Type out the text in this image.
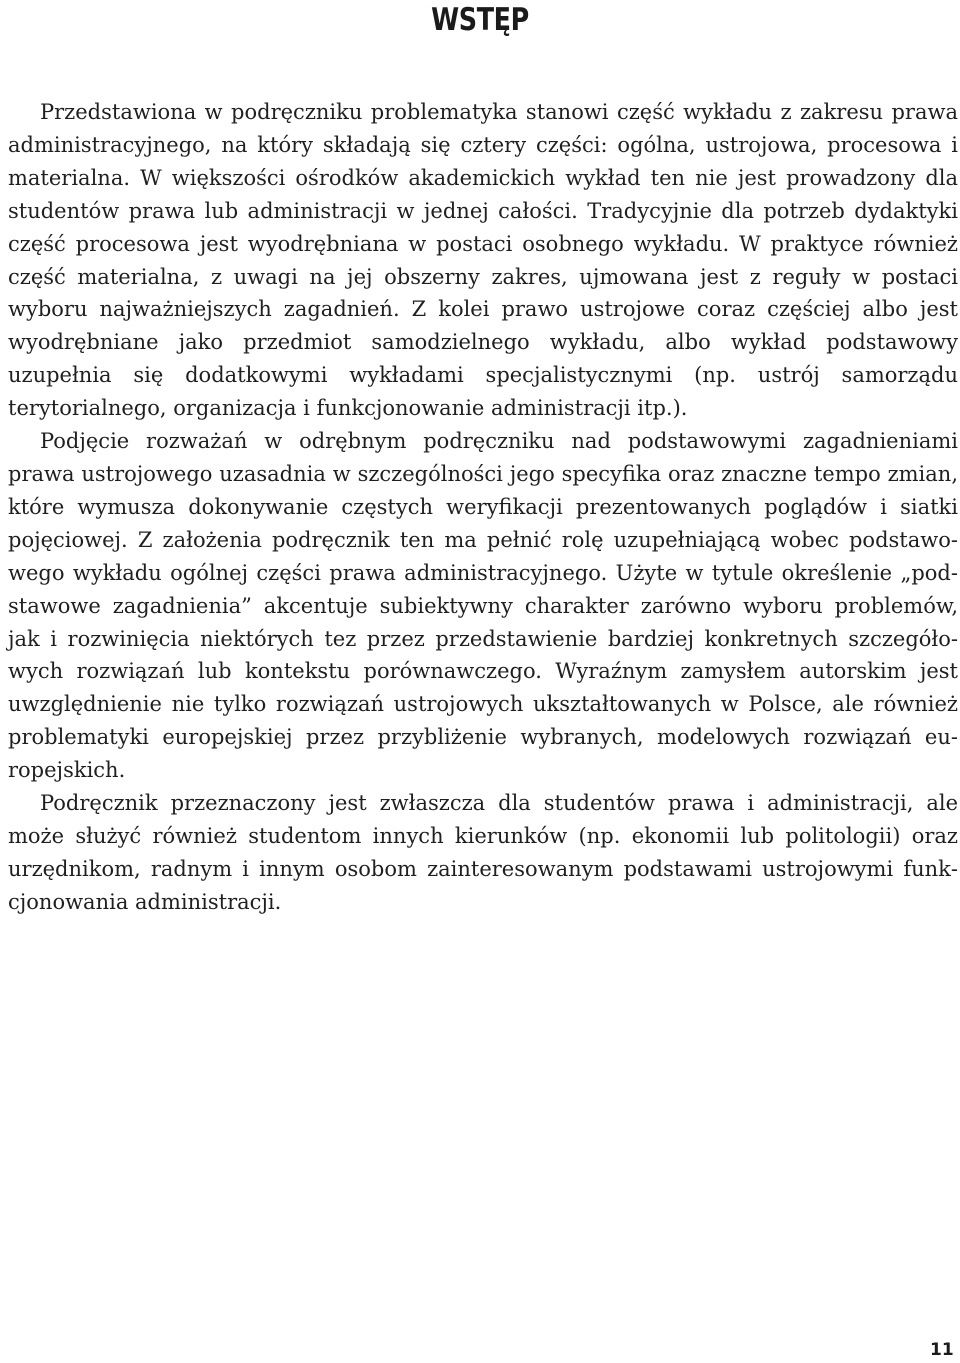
WSTĘP

Przedstawiona w podręczniku problematyka stanowi część wykładu z zakresu prawa administracyjnego, na który składają się cztery części: ogólna, ustrojowa, procesowa i materialna. W większości ośrodków akademickich wykład ten nie jest prowadzony dla studentów prawa lub administracji w jednej całości. Tradycyjnie dla potrzeb dydaktyki część procesowa jest wyodrębniana w postaci osobnego wykładu. W praktyce również część materialna, z uwagi na jej obszerny zakres, ujmowana jest z reguły w postaci wyboru najważniejszych zagadnień. Z kolei prawo ustrojowe coraz częściej albo jest wyodrębniane jako przedmiot samodzielnego wykładu, albo wykład podstawowy uzupełnia się dodatkowymi wykładami specjalistycznymi (np. ustrój samorządu terytorialnego, organizacja i funkcjonowanie administracji itp.).

Podjęcie rozważań w odrębnym podręczniku nad podstawowymi zagadnieniami prawa ustrojowego uzasadnia w szczególności jego specyfika oraz znaczne tempo zmian, które wymusza dokonywanie częstych weryfikacji prezentowanych poglądów i siatki pojęciowej. Z założenia podręcznik ten ma pełnić rolę uzupełniającą wobec podstawowego wykładu ogólnej części prawa administracyjnego. Użyte w tytule określenie „podstawowe zagadnienia” akcentuje subiektywny charakter zarówno wyboru problemów, jak i rozwinięcia niektórych tez przez przedstawienie bardziej konkretnych szczegółowych rozwiązań lub kontekstu porównawczego. Wyraźnym zamysłem autorskim jest uwzględnienie nie tylko rozwiązań ustrojowych ukształtowanych w Polsce, ale również problematyki europejskiej przez przybliżenie wybranych, modelowych rozwiązań europejskich.

Podręcznik przeznaczony jest zwłaszcza dla studentów prawa i administracji, ale może służyć również studentom innych kierunków (np. ekonomii lub politologii) oraz urzędnikom, radnym i innym osobom zainteresowanym podstawami ustrojowymi funkcjonowania administracji.

11
